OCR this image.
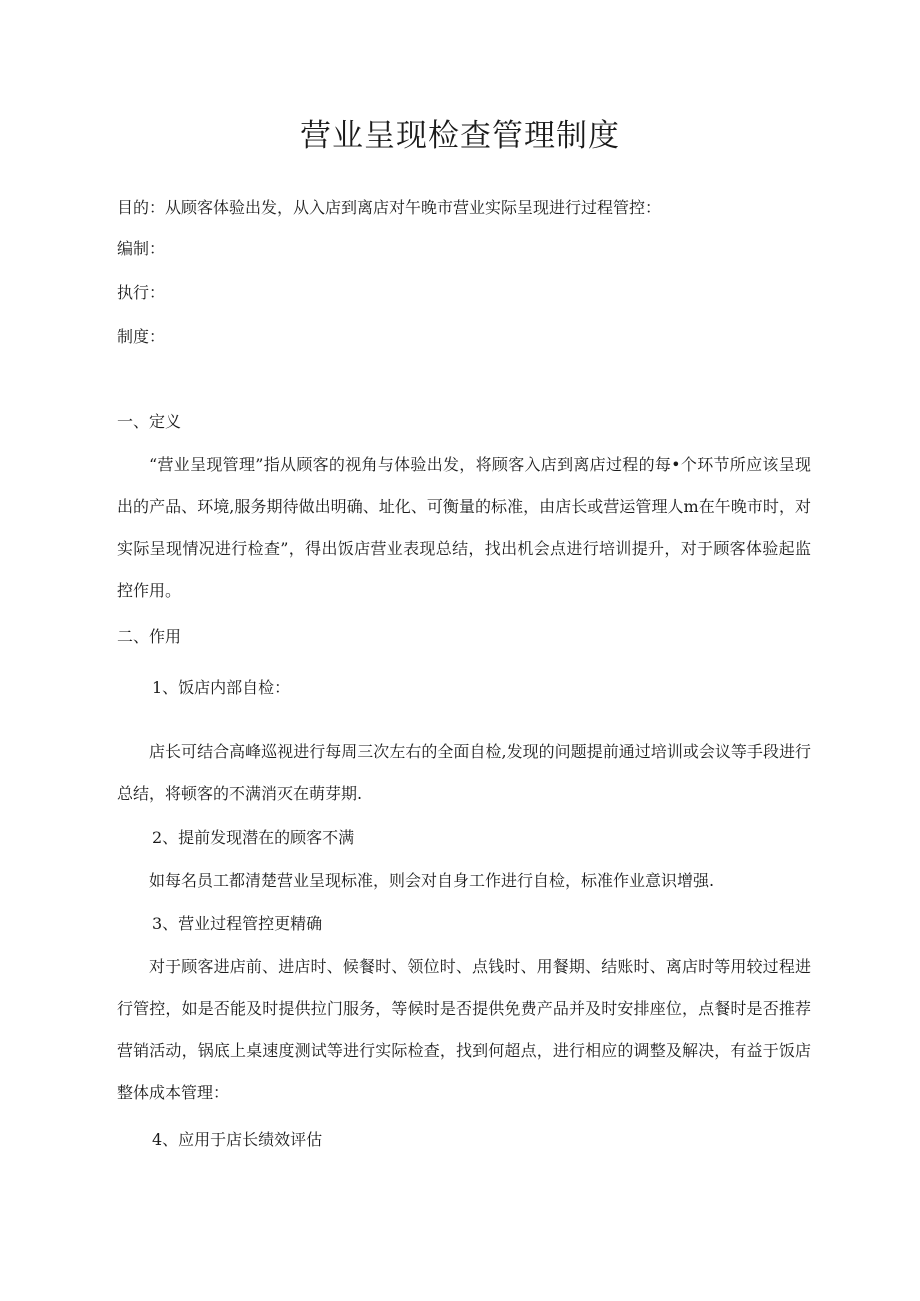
营业呈现检查管理制度

目的：从顾客体验出发，从入店到离店对午晚市营业实际呈现进行过程管控：

编制：

执行：

制度：

一、定义

“营业呈现管理”指从顾客的视角与体验出发，将顾客入店到离店过程的每•个环节所应该呈现出的产品、环境,服务期待做出明确、址化、可衡量的标准，由店长或营运管理人m在午晚市时，对实际呈现情况进行检查”，得出饭店营业表现总结，找出机会点进行培训提升，对于顾客体验起监控作用。

二、作用

1、饭店内部自检：

店长可结合高峰巡视进行每周三次左右的全面自检,发现的问题提前通过培训或会议等手段进行总结，将顿客的不满消灭在萌芽期.

2、提前发现潜在的顾客不满

如每名员工都清楚营业呈现标准，则会对自身工作进行自检，标准作业意识增强.

3、营业过程管控更精确

对于顾客进店前、进店时、候餐时、领位时、点钱时、用餐期、结账时、离店时等用较过程进行管控，如是否能及时提供拉门服务，等候时是否提供免费产品并及时安排座位，点餐时是否推荐营销活动，锅底上桌速度测试等进行实际检查，找到何超点，进行相应的调整及解决，有益于饭店整体成本管理：

4、应用于店长绩效评估
